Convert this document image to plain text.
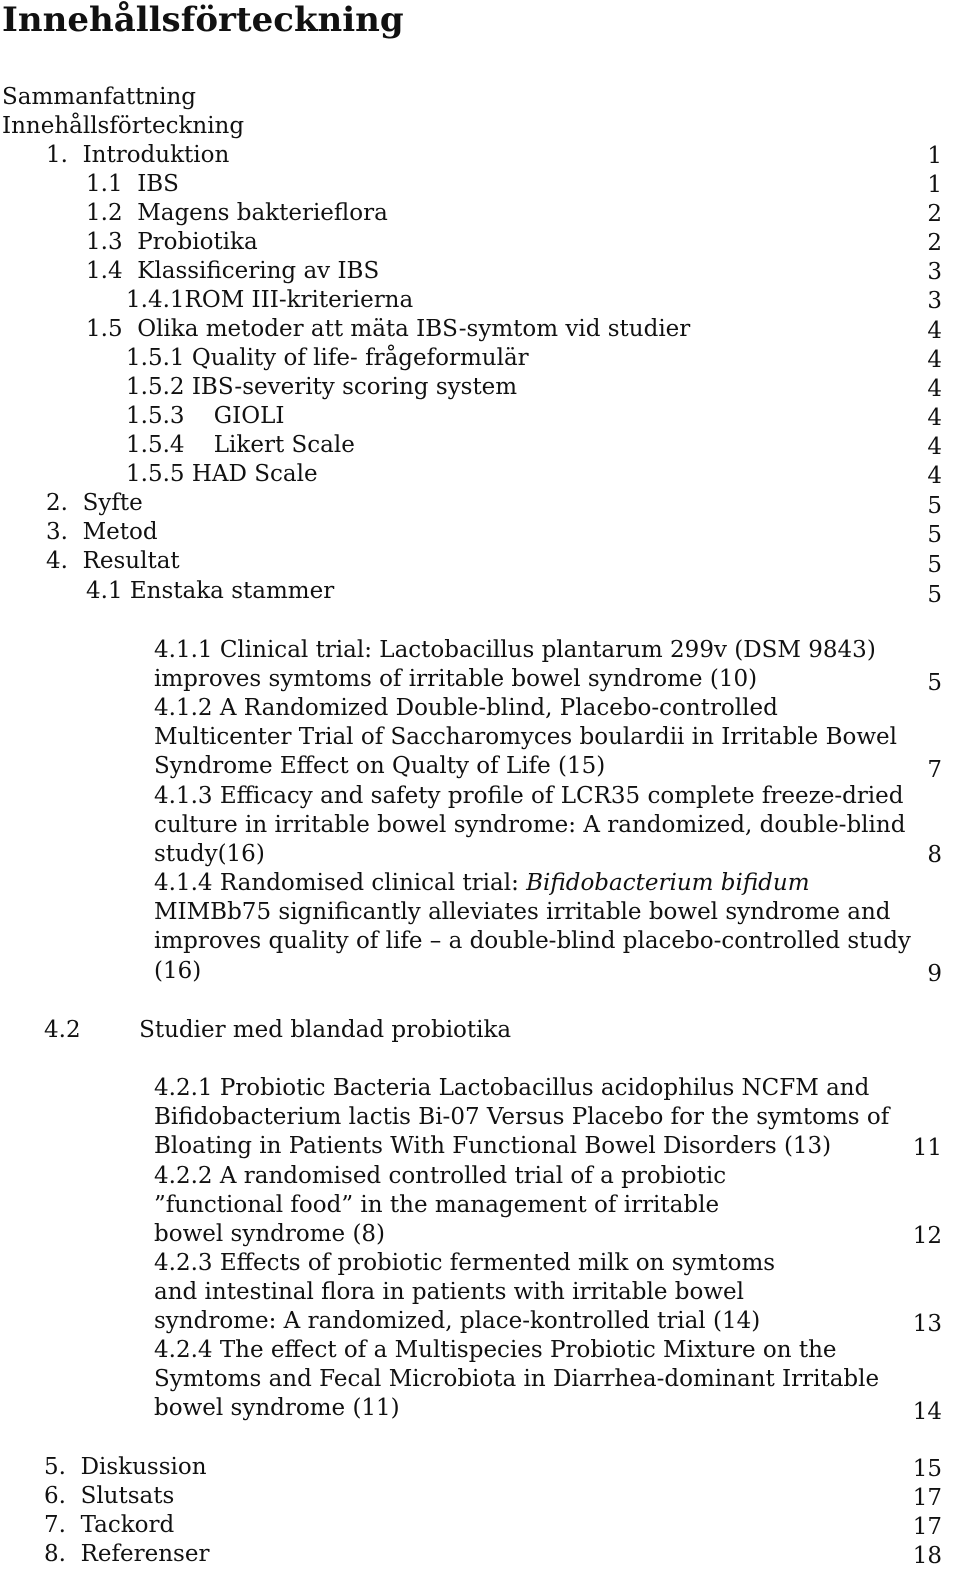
Innehållsförteckning
Sammanfattning
Innehållsförteckning
1.  Introduktion	1
1.1  IBS	1
1.2  Magens bakterieflora	2
1.3  Probiotika	2
1.4  Klassificering av IBS	3
1.4.1ROM III-kriterierna	3
1.5  Olika metoder att mäta IBS-symtom vid studier	4
1.5.1 Quality of life- frågeformulär	4
1.5.2 IBS-severity scoring system	4
1.5.3    GIOLI	4
1.5.4    Likert Scale	4
1.5.5 HAD Scale	4
2.  Syfte	5
3.  Metod	5
4.  Resultat	5
4.1 Enstaka stammer	5
4.1.1 Clinical trial: Lactobacillus plantarum 299v (DSM 9843) improves symtoms of irritable bowel syndrome (10)	5
4.1.2 A Randomized Double-blind, Placebo-controlled Multicenter Trial of Saccharomyces boulardii in Irritable Bowel Syndrome Effect on Qualty of Life (15)	7
4.1.3 Efficacy and safety profile of LCR35 complete freeze-dried culture in irritable bowel syndrome: A randomized, double-blind study(16)	8
4.1.4 Randomised clinical trial: Bifidobacterium bifidum MIMBb75 significantly alleviates irritable bowel syndrome and improves quality of life – a double-blind placebo-controlled study (16)	9
4.2        Studier med blandad probiotika
4.2.1 Probiotic Bacteria Lactobacillus acidophilus NCFM and Bifidobacterium lactis Bi-07 Versus Placebo for the symtoms of Bloating in Patients With Functional Bowel Disorders (13)	11
4.2.2 A randomised controlled trial of a probiotic ”functional food” in the management of irritable bowel syndrome (8)	12
4.2.3 Effects of probiotic fermented milk on symtoms and intestinal flora in patients with irritable bowel syndrome: A randomized, place-kontrolled trial (14)	13
4.2.4 The effect of a Multispecies Probiotic Mixture on the Symtoms and Fecal Microbiota in Diarrhea-dominant Irritable bowel syndrome (11)	14
5.  Diskussion	15
6.  Slutsats	17
7.  Tackord	17
8.  Referenser	18
